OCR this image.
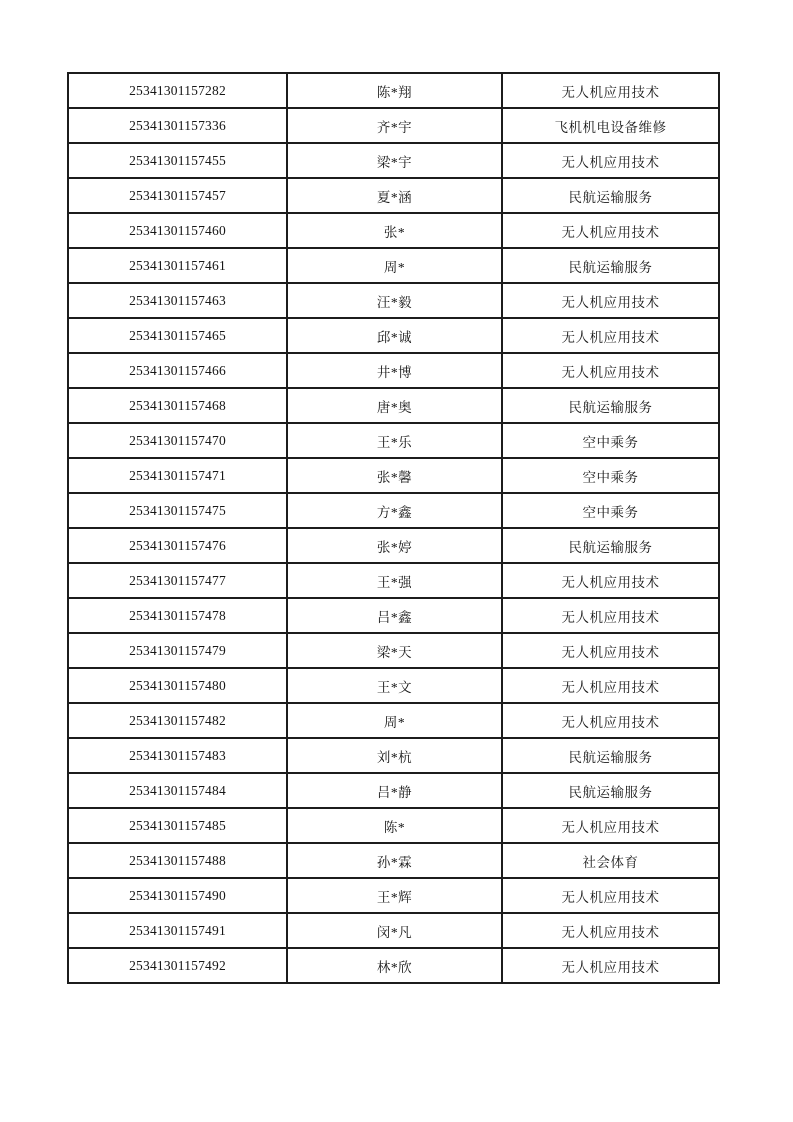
25341301157282	陈*翔	无人机应用技术
25341301157336	齐*宇	飞机机电设备维修
25341301157455	梁*宇	无人机应用技术
25341301157457	夏*涵	民航运输服务
25341301157460	张*	无人机应用技术
25341301157461	周*	民航运输服务
25341301157463	汪*毅	无人机应用技术
25341301157465	邱*诚	无人机应用技术
25341301157466	井*博	无人机应用技术
25341301157468	唐*奥	民航运输服务
25341301157470	王*乐	空中乘务
25341301157471	张*馨	空中乘务
25341301157475	方*鑫	空中乘务
25341301157476	张*婷	民航运输服务
25341301157477	王*强	无人机应用技术
25341301157478	吕*鑫	无人机应用技术
25341301157479	梁*天	无人机应用技术
25341301157480	王*文	无人机应用技术
25341301157482	周*	无人机应用技术
25341301157483	刘*杭	民航运输服务
25341301157484	吕*静	民航运输服务
25341301157485	陈*	无人机应用技术
25341301157488	孙*霖	社会体育
25341301157490	王*辉	无人机应用技术
25341301157491	闵*凡	无人机应用技术
25341301157492	林*欣	无人机应用技术
